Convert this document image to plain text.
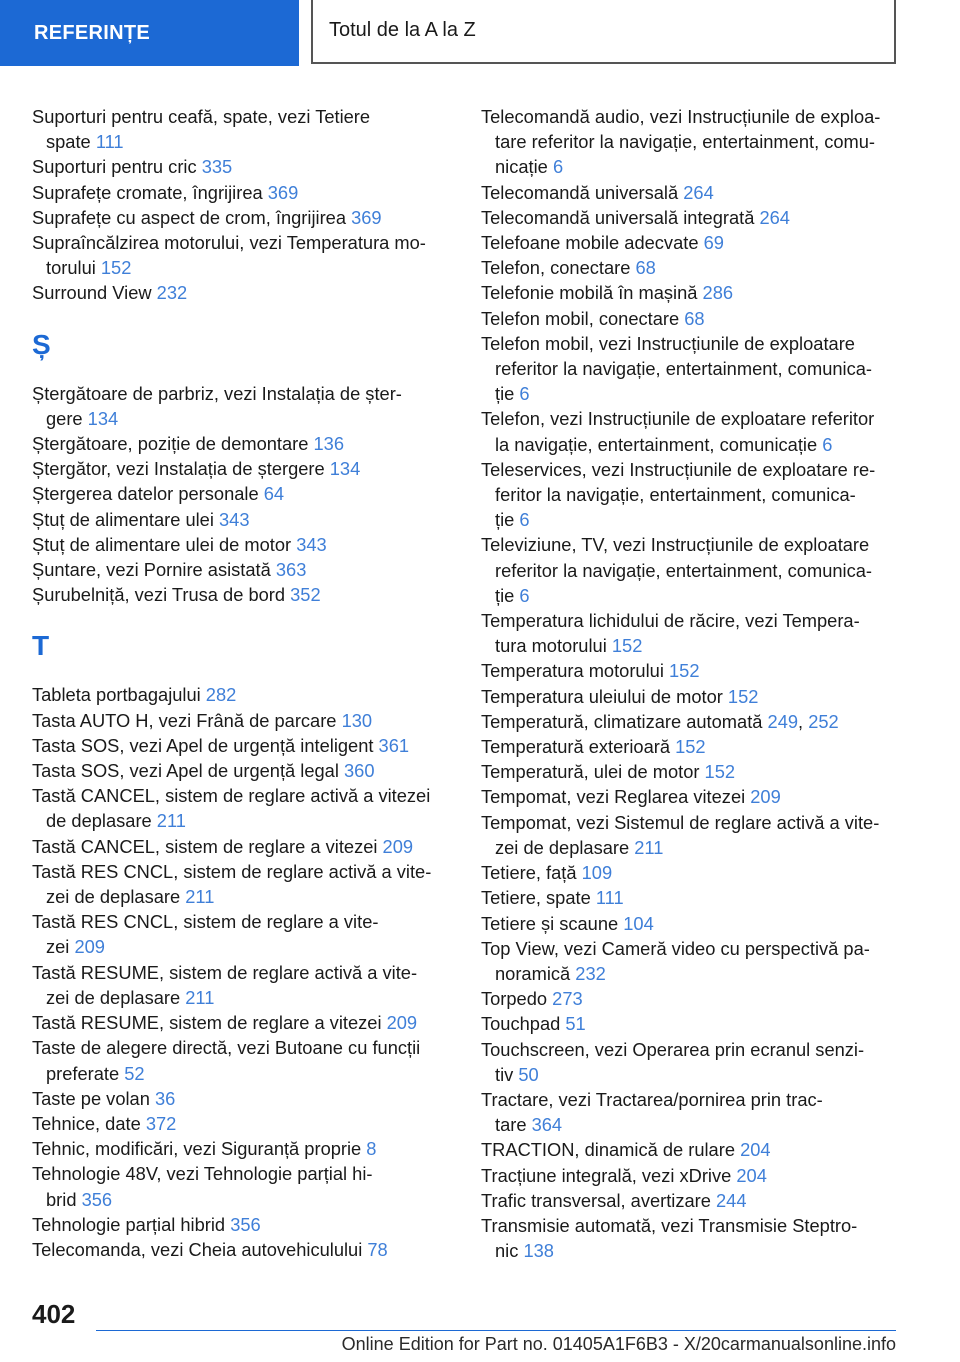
REFERINȚE	Totul de la A la Z
Suporturi pentru ceafă, spate, vezi Tetiere
spate 111
Suporturi pentru cric 335
Suprafețe cromate, îngrijirea 369
Suprafețe cu aspect de crom, îngrijirea 369
Supraîncălzirea motorului, vezi Temperatura mo-
torului 152
Surround View 232
Ș
Ștergătoare de parbriz, vezi Instalația de șter-
gere 134
Ștergătoare, poziție de demontare 136
Ștergător, vezi Instalația de ștergere 134
Ștergerea datelor personale 64
Ștuț de alimentare ulei 343
Ștuț de alimentare ulei de motor 343
Șuntare, vezi Pornire asistată 363
Șurubelniță, vezi Trusa de bord 352
T
Tableta portbagajului 282
Tasta AUTO H, vezi Frână de parcare 130
Tasta SOS, vezi Apel de urgență inteligent 361
Tasta SOS, vezi Apel de urgență legal 360
Tastă CANCEL, sistem de reglare activă a vitezei
de deplasare 211
Tastă CANCEL, sistem de reglare a vitezei 209
Tastă RES CNCL, sistem de reglare activă a vite-
zei de deplasare 211
Tastă RES CNCL, sistem de reglare a vite-
zei 209
Tastă RESUME, sistem de reglare activă a vite-
zei de deplasare 211
Tastă RESUME, sistem de reglare a vitezei 209
Taste de alegere directă, vezi Butoane cu funcții
preferate 52
Taste pe volan 36
Tehnice, date 372
Tehnic, modificări, vezi Siguranță proprie 8
Tehnologie 48V, vezi Tehnologie parțial hi-
brid 356
Tehnologie parțial hibrid 356
Telecomanda, vezi Cheia autovehiculului 78
Telecomandă audio, vezi Instrucțiunile de exploa-
tare referitor la navigație, entertainment, comu-
nicație 6
Telecomandă universală 264
Telecomandă universală integrată 264
Telefoane mobile adecvate 69
Telefon, conectare 68
Telefonie mobilă în mașină 286
Telefon mobil, conectare 68
Telefon mobil, vezi Instrucțiunile de exploatare
referitor la navigație, entertainment, comunica-
ție 6
Telefon, vezi Instrucțiunile de exploatare referitor
la navigație, entertainment, comunicație 6
Teleservices, vezi Instrucțiunile de exploatare re-
feritor la navigație, entertainment, comunica-
ție 6
Televiziune, TV, vezi Instrucțiunile de exploatare
referitor la navigație, entertainment, comunica-
ție 6
Temperatura lichidului de răcire, vezi Tempera-
tura motorului 152
Temperatura motorului 152
Temperatura uleiului de motor 152
Temperatură, climatizare automată 249, 252
Temperatură exterioară 152
Temperatură, ulei de motor 152
Tempomat, vezi Reglarea vitezei 209
Tempomat, vezi Sistemul de reglare activă a vite-
zei de deplasare 211
Tetiere, față 109
Tetiere, spate 111
Tetiere și scaune 104
Top View, vezi Cameră video cu perspectivă pa-
noramică 232
Torpedo 273
Touchpad 51
Touchscreen, vezi Operarea prin ecranul senzi-
tiv 50
Tractare, vezi Tractarea/pornirea prin trac-
tare 364
TRACTION, dinamică de rulare 204
Tracțiune integrală, vezi xDrive 204
Trafic transversal, avertizare 244
Transmisie automată, vezi Transmisie Steptro-
nic 138
402
Online Edition for Part no. 01405A1F6B3 - X/20carmanualsonline.info
